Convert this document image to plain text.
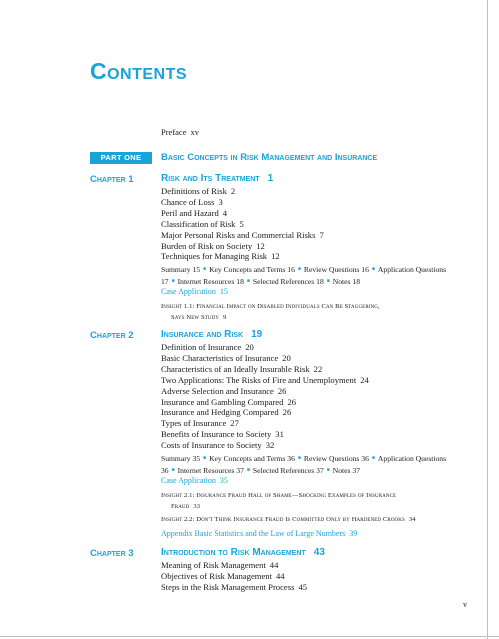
Contents
Preface xv
PART ONE	Basic Concepts in Risk Management and Insurance
Chapter 1	Risk and Its Treatment 1
Definitions of Risk 2
Chance of Loss 3
Peril and Hazard 4
Classification of Risk 5
Major Personal Risks and Commercial Risks 7
Burden of Risk on Society 12
Techniques for Managing Risk 12
Summary 15 ■ Key Concepts and Terms 16 ■ Review Questions 16 ■ Application Questions 17 ■ Internet Resources 18 ■ Selected References 18 ■ Notes 18
Case Application 15
Insight 1.1: Financial Impact on Disabled Individuals Can Be Staggering,
Says New Study 9
Chapter 2	Insurance and Risk 19
Definition of Insurance 20
Basic Characteristics of Insurance 20
Characteristics of an Ideally Insurable Risk 22
Two Applications: The Risks of Fire and Unemployment 24
Adverse Selection and Insurance 26
Insurance and Gambling Compared 26
Insurance and Hedging Compared 26
Types of Insurance 27
Benefits of Insurance to Society 31
Costs of Insurance to Society 32
Summary 35 ■ Key Concepts and Terms 36 ■ Review Questions 36 ■ Application Questions 36 ■ Internet Resources 37 ■ Selected References 37 ■ Notes 37
Case Application 35
Insight 2.1: Insurance Fraud Hall of Shame—Shocking Examples of Insurance
Fraud 33
Insight 2.2: Don't Think Insurance Fraud Is Committed Only by Hardened Crooks 34
Appendix Basic Statistics and the Law of Large Numbers 39
Chapter 3	Introduction to Risk Management 43
Meaning of Risk Management 44
Objectives of Risk Management 44
Steps in the Risk Management Process 45
v
